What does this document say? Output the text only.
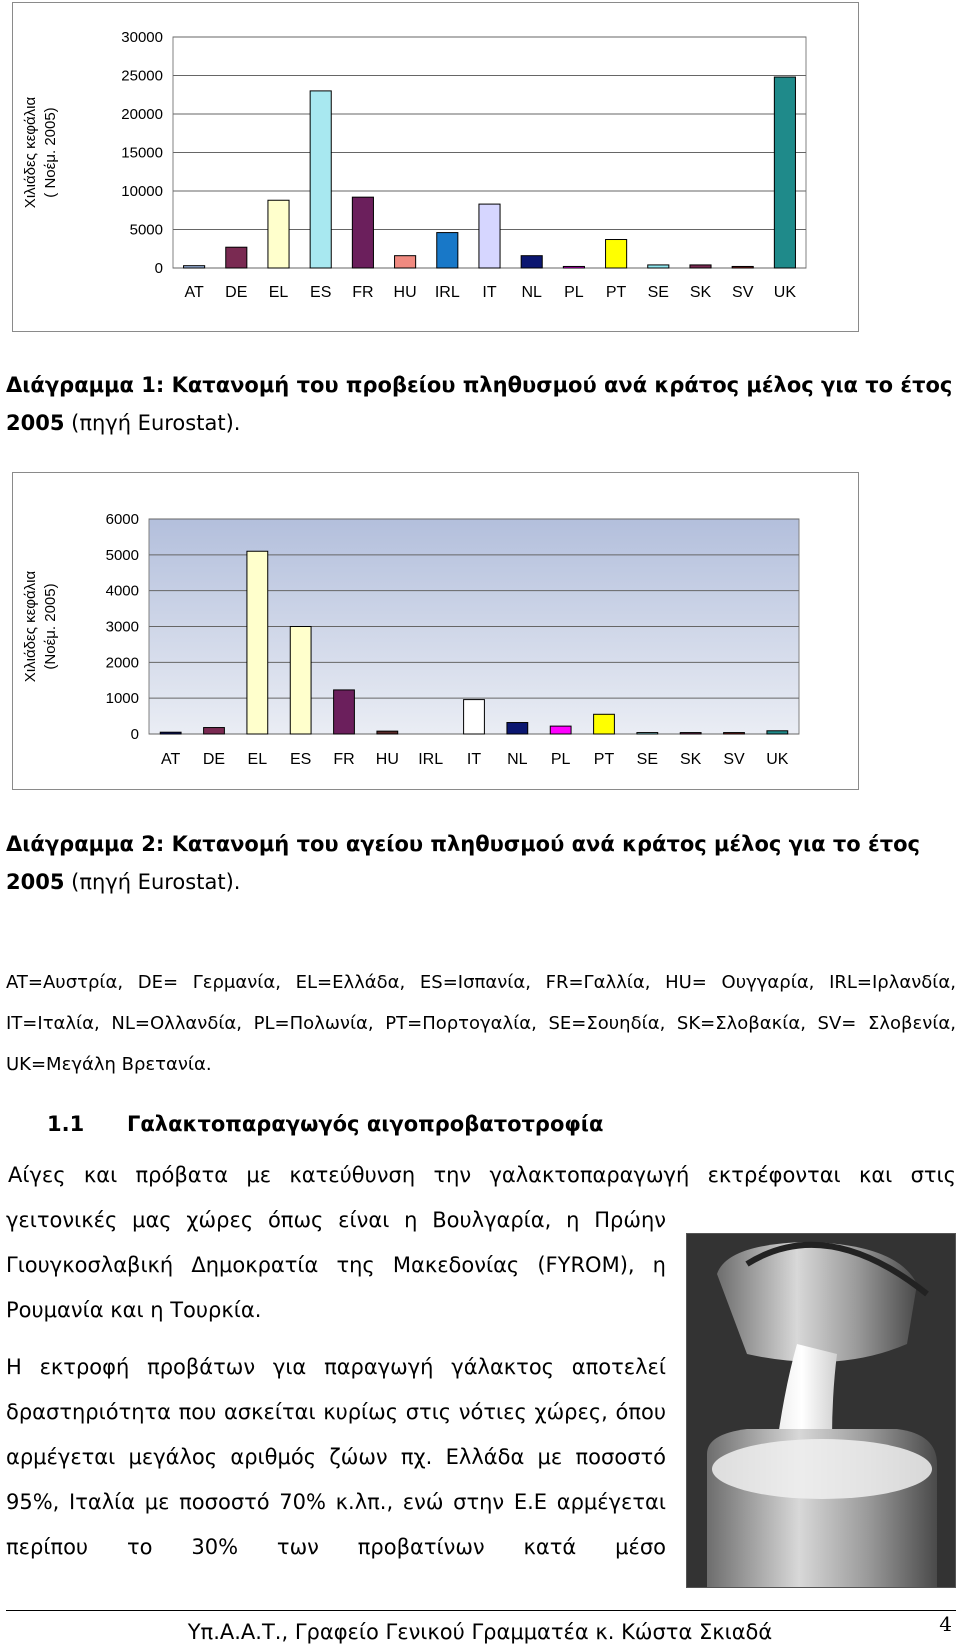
0
5000
10000
15000
20000
25000
30000
AT DE EL ES FR HU IRL IT NL PL PT SE SK SV UK
Χιλιάδες κεφάλια ( Νοέμ. 2005)

Διάγραμμα 1: Κατανομή του προβείου πληθυσμού ανά κράτος μέλος για το έτος 2005 (πηγή Eurostat).

0
1000
2000
3000
4000
5000
6000
AT DE EL ES FR HU IRL IT NL PL PT SE SK SV UK
Χιλιάδες κεφάλια (Νοέμ. 2005)

Διάγραμμα 2: Κατανομή του αγείου πληθυσμού ανά κράτος μέλος για το έτος 2005 (πηγή Eurostat).

AT=Αυστρία, DE= Γερμανία, EL=Ελλάδα, ES=Ισπανία, FR=Γαλλία, HU= Ουγγαρία, IRL=Ιρλανδία, IT=Ιταλία, NL=Ολλανδία, PL=Πολωνία, PT=Πορτογαλία, SE=Σουηδία, SK=Σλοβακία, SV= Σλοβενία, UK=Μεγάλη Βρετανία.

1.1 Γαλακτοπαραγωγός αιγοπροβατοτροφία

Αίγες και πρόβατα με κατεύθυνση την γαλακτοπαραγωγή εκτρέφονται και στις

γειτονικές μας χώρες όπως είναι η Βουλγαρία, η Πρώην Γιουγκοσλαβική Δημοκρατία της Μακεδονίας (FYROM), η Ρουμανία και η Τουρκία.

Η εκτροφή προβάτων για παραγωγή γάλακτος αποτελεί δραστηριότητα που ασκείται κυρίως στις νότιες χώρες, όπου αρμέγεται μεγάλος αριθμός ζώων πχ. Ελλάδα με ποσοστό 95%, Ιταλία με ποσοστό 70% κ.λπ., ενώ στην Ε.Ε αρμέγεται περίπου το 30% των προβατίνων κατά μέσο

Υπ.Α.Α.Τ., Γραφείο Γενικού Γραμματέα κ. Κώστα Σκιαδά	4
